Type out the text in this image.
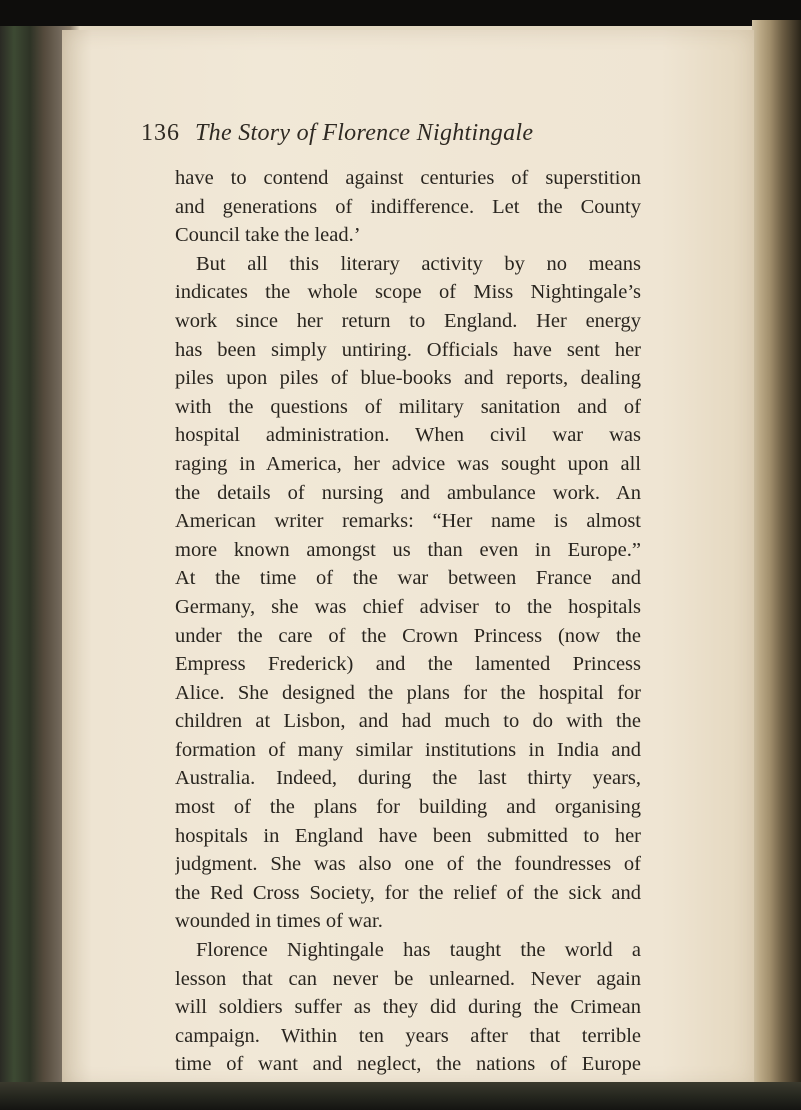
136 The Story of Florence Nightingale
have to contend against centuries of superstition
and generations of indifference. Let the County
Council take the lead.’
But all this literary activity by no means
indicates the whole scope of Miss Nightingale’s
work since her return to England. Her energy
has been simply untiring. Officials have sent her
piles upon piles of blue-books and reports, dealing
with the questions of military sanitation and of
hospital administration. When civil war was
raging in America, her advice was sought upon all
the details of nursing and ambulance work. An
American writer remarks: “Her name is almost
more known amongst us than even in Europe.”
At the time of the war between France and
Germany, she was chief adviser to the hospitals
under the care of the Crown Princess (now the
Empress Frederick) and the lamented Princess
Alice. She designed the plans for the hospital for
children at Lisbon, and had much to do with the
formation of many similar institutions in India and
Australia. Indeed, during the last thirty years,
most of the plans for building and organising
hospitals in England have been submitted to her
judgment. She was also one of the foundresses of
the Red Cross Society, for the relief of the sick and
wounded in times of war.
Florence Nightingale has taught the world a
lesson that can never be unlearned. Never again
will soldiers suffer as they did during the Crimean
campaign. Within ten years after that terrible
time of want and neglect, the nations of Europe
